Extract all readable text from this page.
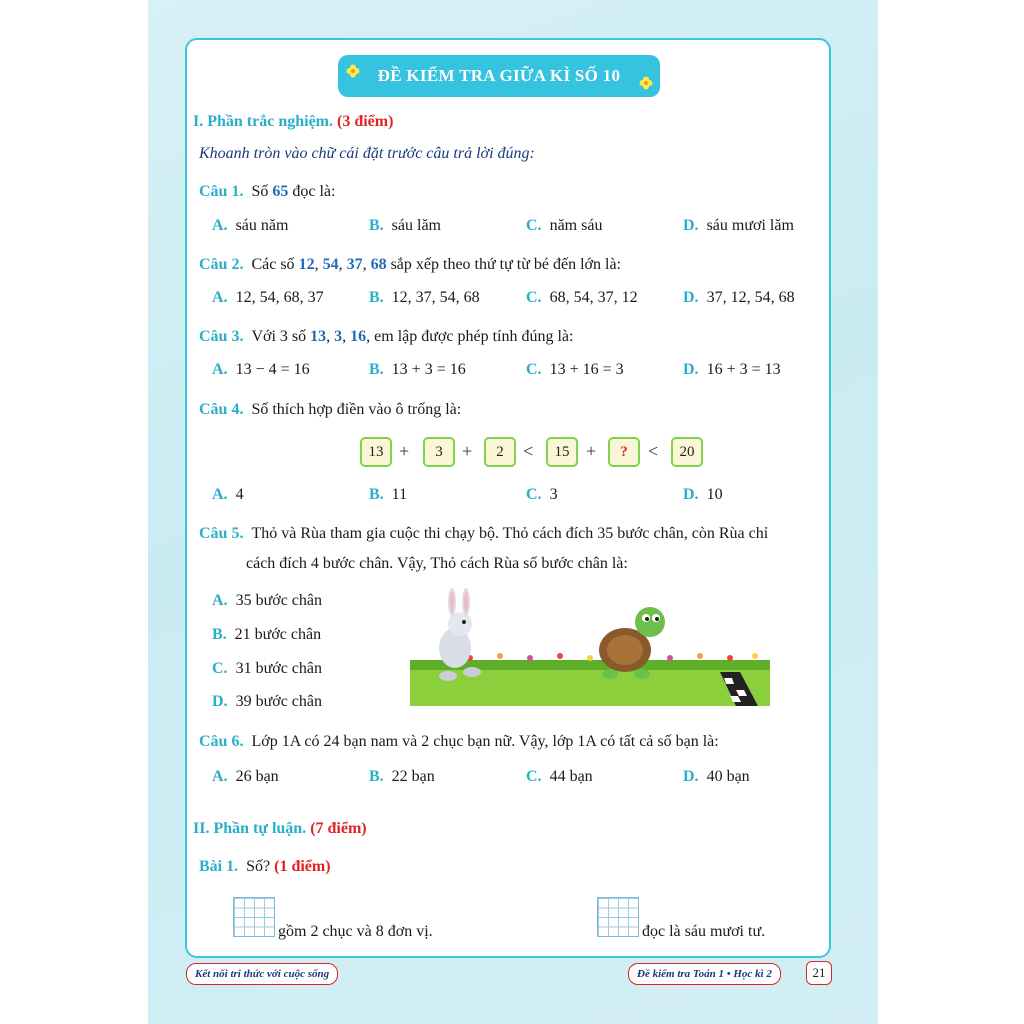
ĐỀ KIỂM TRA GIỮA KÌ SỐ 10
I. Phần trắc nghiệm. (3 điểm)
Khoanh tròn vào chữ cái đặt trước câu trả lời đúng:
Câu 1. Số 65 đọc là:
A. sáu năm	B. sáu lăm	C. năm sáu	D. sáu mươi lăm
Câu 2. Các số 12, 54, 37, 68 sắp xếp theo thứ tự từ bé đến lớn là:
A. 12, 54, 68, 37	B. 12, 37, 54, 68	C. 68, 54, 37, 12	D. 37, 12, 54, 68
Câu 3. Với 3 số 13, 3, 16, em lập được phép tính đúng là:
A. 13 − 4 = 16	B. 13 + 3 = 16	C. 13 + 16 = 3	D. 16 + 3 = 13
Câu 4. Số thích hợp điền vào ô trống là:
13 +	3	+	2	<	15 +	?	<	20
A. 4	B. 11	C. 3	D. 10
Câu 5. Thỏ và Rùa tham gia cuộc thi chạy bộ. Thỏ cách đích 35 bước chân, còn Rùa chỉ
cách đích 4 bước chân. Vậy, Thỏ cách Rùa số bước chân là:
A. 35 bước chân
B. 21 bước chân
C. 31 bước chân
D. 39 bước chân
Câu 6. Lớp 1A có 24 bạn nam và 2 chục bạn nữ. Vậy, lớp 1A có tất cả số bạn là:
A. 26 bạn	B. 22 bạn	C. 44 bạn	D. 40 bạn
II. Phần tự luận. (7 điểm)
Bài 1. Số? (1 điểm)
gồm 2 chục và 8 đơn vị.	đọc là sáu mươi tư.
Kết nối tri thức với cuộc sống	Đề kiểm tra Toán 1 • Học kì 2	21
